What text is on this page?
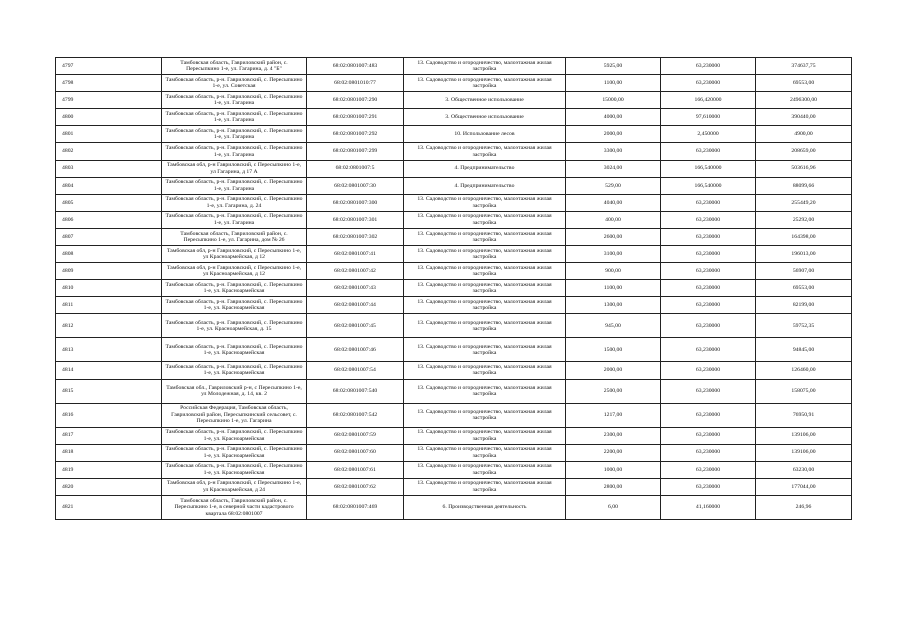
4797	Тамбовская область, Гавриловский район, с. Пересыпкино 1-е, ул. Гагарина, д. 4 "Б"	68:02:0801007:483	13. Садоводство и огородничество, малоэтажная жилая застройка	5925,00	63,230000	374637,75
4798	Тамбовская область, р-н. Гавриловский, с. Пересыпкино 1-е, ул. Советская	68:02:0801010:77	13. Садоводство и огородничество, малоэтажная жилая застройка	1100,00	63,230000	69553,00
4799	Тамбовская область, р-н. Гавриловский, с. Пересыпкино 1-е, ул. Гагарина	68:02:0801007:290	3. Общественное использование	15000,00	166,420000	2496300,00
4800	Тамбовская область, р-н. Гавриловский, с. Пересыпкино 1-е, ул. Гагарина	68:02:0801007:291	3. Общественное использование	4000,00	97,610000	390440,00
4801	Тамбовская область, р-н. Гавриловский, с. Пересыпкино 1-е, ул. Гагарина	68:02:0801007:292	10. Использование лесов	2000,00	2,450000	4900,00
4802	Тамбовская область, р-н. Гавриловский, с. Пересыпкино 1-е, ул. Гагарина	68:02:0801007:299	13. Садоводство и огородничество, малоэтажная жилая застройка	3300,00	63,230000	208659,00
4803	Тамбовская обл, р-н Гавриловский, с Пересыпкино 1-е, ул Гагарина, д 17 А	68:02:0801007:5	4. Предпринимательство	3024,00	166,540000	503616,96
4804	Тамбовская область, р-н. Гавриловский, с. Пересыпкино 1-е, ул. Гагарина	68:02:0801007:30	4. Предпринимательство	529,00	166,540000	88099,66
4805	Тамбовская область, р-н. Гавриловский, с. Пересыпкино 1-е, ул. Гагарина, д. 24	68:02:0801007:300	13. Садоводство и огородничество, малоэтажная жилая застройка	4040,00	63,230000	255449,20
4806	Тамбовская область, р-н. Гавриловский, с. Пересыпкино 1-е, ул. Гагарина	68:02:0801007:301	13. Садоводство и огородничество, малоэтажная жилая застройка	400,00	63,230000	25292,00
4807	Тамбовская область, Гавриловский район, с. Пересыпкино 1-е, ул. Гагарина, дом № 26	68:02:0801007:302	13. Садоводство и огородничество, малоэтажная жилая застройка	2600,00	63,230000	164398,00
4808	Тамбовская обл, р-н Гавриловский, с Пересыпкино 1-е, ул Красноармейская, д 12	68:02:0801007:41	13. Садоводство и огородничество, малоэтажная жилая застройка	3100,00	63,230000	196013,00
4809	Тамбовская обл, р-н Гавриловский, с Пересыпкино 1-е, ул Красноармейская, д 12	68:02:0801007:42	13. Садоводство и огородничество, малоэтажная жилая застройка	900,00	63,230000	56907,00
4810	Тамбовская область, р-н. Гавриловский, с. Пересыпкино 1-е, ул. Красноармейская	68:02:0801007:43	13. Садоводство и огородничество, малоэтажная жилая застройка	1100,00	63,230000	69553,00
4811	Тамбовская область, р-н. Гавриловский, с. Пересыпкино 1-е, ул. Красноармейская	68:02:0801007:44	13. Садоводство и огородничество, малоэтажная жилая застройка	1300,00	63,230000	82199,00
4812	Тамбовская область, р-н. Гавриловский, с. Пересыпкино 1-е, ул. Красноармейская, д. 15	68:02:0801007:45	13. Садоводство и огородничество, малоэтажная жилая застройка	945,00	63,230000	59752,35
4813	Тамбовская область, р-н. Гавриловский, с. Пересыпкино 1-е, ул. Красноармейская	68:02:0801007:46	13. Садоводство и огородничество, малоэтажная жилая застройка	1500,00	63,230000	94845,00
4814	Тамбовская область, р-н. Гавриловский, с. Пересыпкино 1-е, ул. Красноармейская	68:02:0801007:54	13. Садоводство и огородничество, малоэтажная жилая застройка	2000,00	63,230000	126460,00
4815	Тамбовская обл., Гавриловский р-н, с Пересыпкино 1-е, ул Молодежная, д. 14, кв. 2	68:02:0801007:540	13. Садоводство и огородничество, малоэтажная жилая застройка	2500,00	63,230000	158075,00
4816	Российская Федерация, Тамбовская область, Гавриловский район, Пересыпкинский сельсовет, с. Пересыпкино 1-е, ул. Гагарина	68:02:0801007:542	13. Садоводство и огородничество, малоэтажная жилая застройка	1217,00	63,230000	76950,91
4817	Тамбовская область, р-н. Гавриловский, с. Пересыпкино 1-е, ул. Красноармейская	68:02:0801007:59	13. Садоводство и огородничество, малоэтажная жилая застройка	2300,00	63,230000	139106,00
4818	Тамбовская область, р-н. Гавриловский, с. Пересыпкино 1-е, ул. Красноармейская	68:02:0801007:60	13. Садоводство и огородничество, малоэтажная жилая застройка	2200,00	63,230000	139106,00
4819	Тамбовская область, р-н. Гавриловский, с. Пересыпкино 1-е, ул. Красноармейская	68:02:0801007:61	13. Садоводство и огородничество, малоэтажная жилая застройка	1000,00	63,230000	63230,00
4820	Тамбовская обл, р-н Гавриловский, с Пересыпкино 1-е, ул Красноармейская, д 24	68:02:0801007:62	13. Садоводство и огородничество, малоэтажная жилая застройка	2800,00	63,230000	177044,00
4821	Тамбовская область, Гавриловский район, с. Пересыпкино 1-е, в северной части кадастрового квартала 68:02:0801007	68:02:0801007:469	6. Производственная деятельность	6,00	41,160000	246,96
